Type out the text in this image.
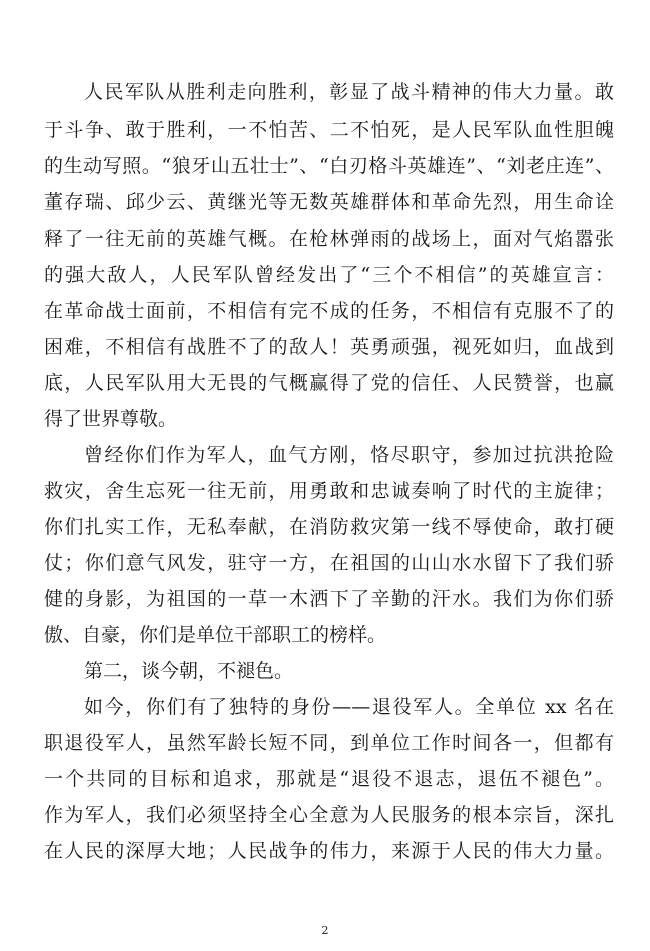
人民军队从胜利走向胜利，彰显了战斗精神的伟大力量。敢
于斗争、敢于胜利，一不怕苦、二不怕死，是人民军队血性胆魄
的生动写照。“狼牙山五壮士”、“白刃格斗英雄连”、“刘老庄连”、
董存瑞、邱少云、黄继光等无数英雄群体和革命先烈，用生命诠
释了一往无前的英雄气概。在枪林弹雨的战场上，面对气焰嚣张
的强大敌人，人民军队曾经发出了“三个不相信”的英雄宣言：
在革命战士面前，不相信有完不成的任务，不相信有克服不了的
困难，不相信有战胜不了的敌人！英勇顽强，视死如归，血战到
底，人民军队用大无畏的气概赢得了党的信任、人民赞誉，也赢
得了世界尊敬。
曾经你们作为军人，血气方刚，恪尽职守，参加过抗洪抢险
救灾，舍生忘死一往无前，用勇敢和忠诚奏响了时代的主旋律；
你们扎实工作，无私奉献，在消防救灾第一线不辱使命，敢打硬
仗；你们意气风发，驻守一方，在祖国的山山水水留下了我们骄
健的身影，为祖国的一草一木洒下了辛勤的汗水。我们为你们骄
傲、自豪，你们是单位干部职工的榜样。
第二，谈今朝，不褪色。
如今，你们有了独特的身份——退役军人。全单位 xx 名在
职退役军人，虽然军龄长短不同，到单位工作时间各一，但都有
一个共同的目标和追求，那就是“退役不退志，退伍不褪色”。
作为军人，我们必须坚持全心全意为人民服务的根本宗旨，深扎
在人民的深厚大地；人民战争的伟力，来源于人民的伟大力量。
2
